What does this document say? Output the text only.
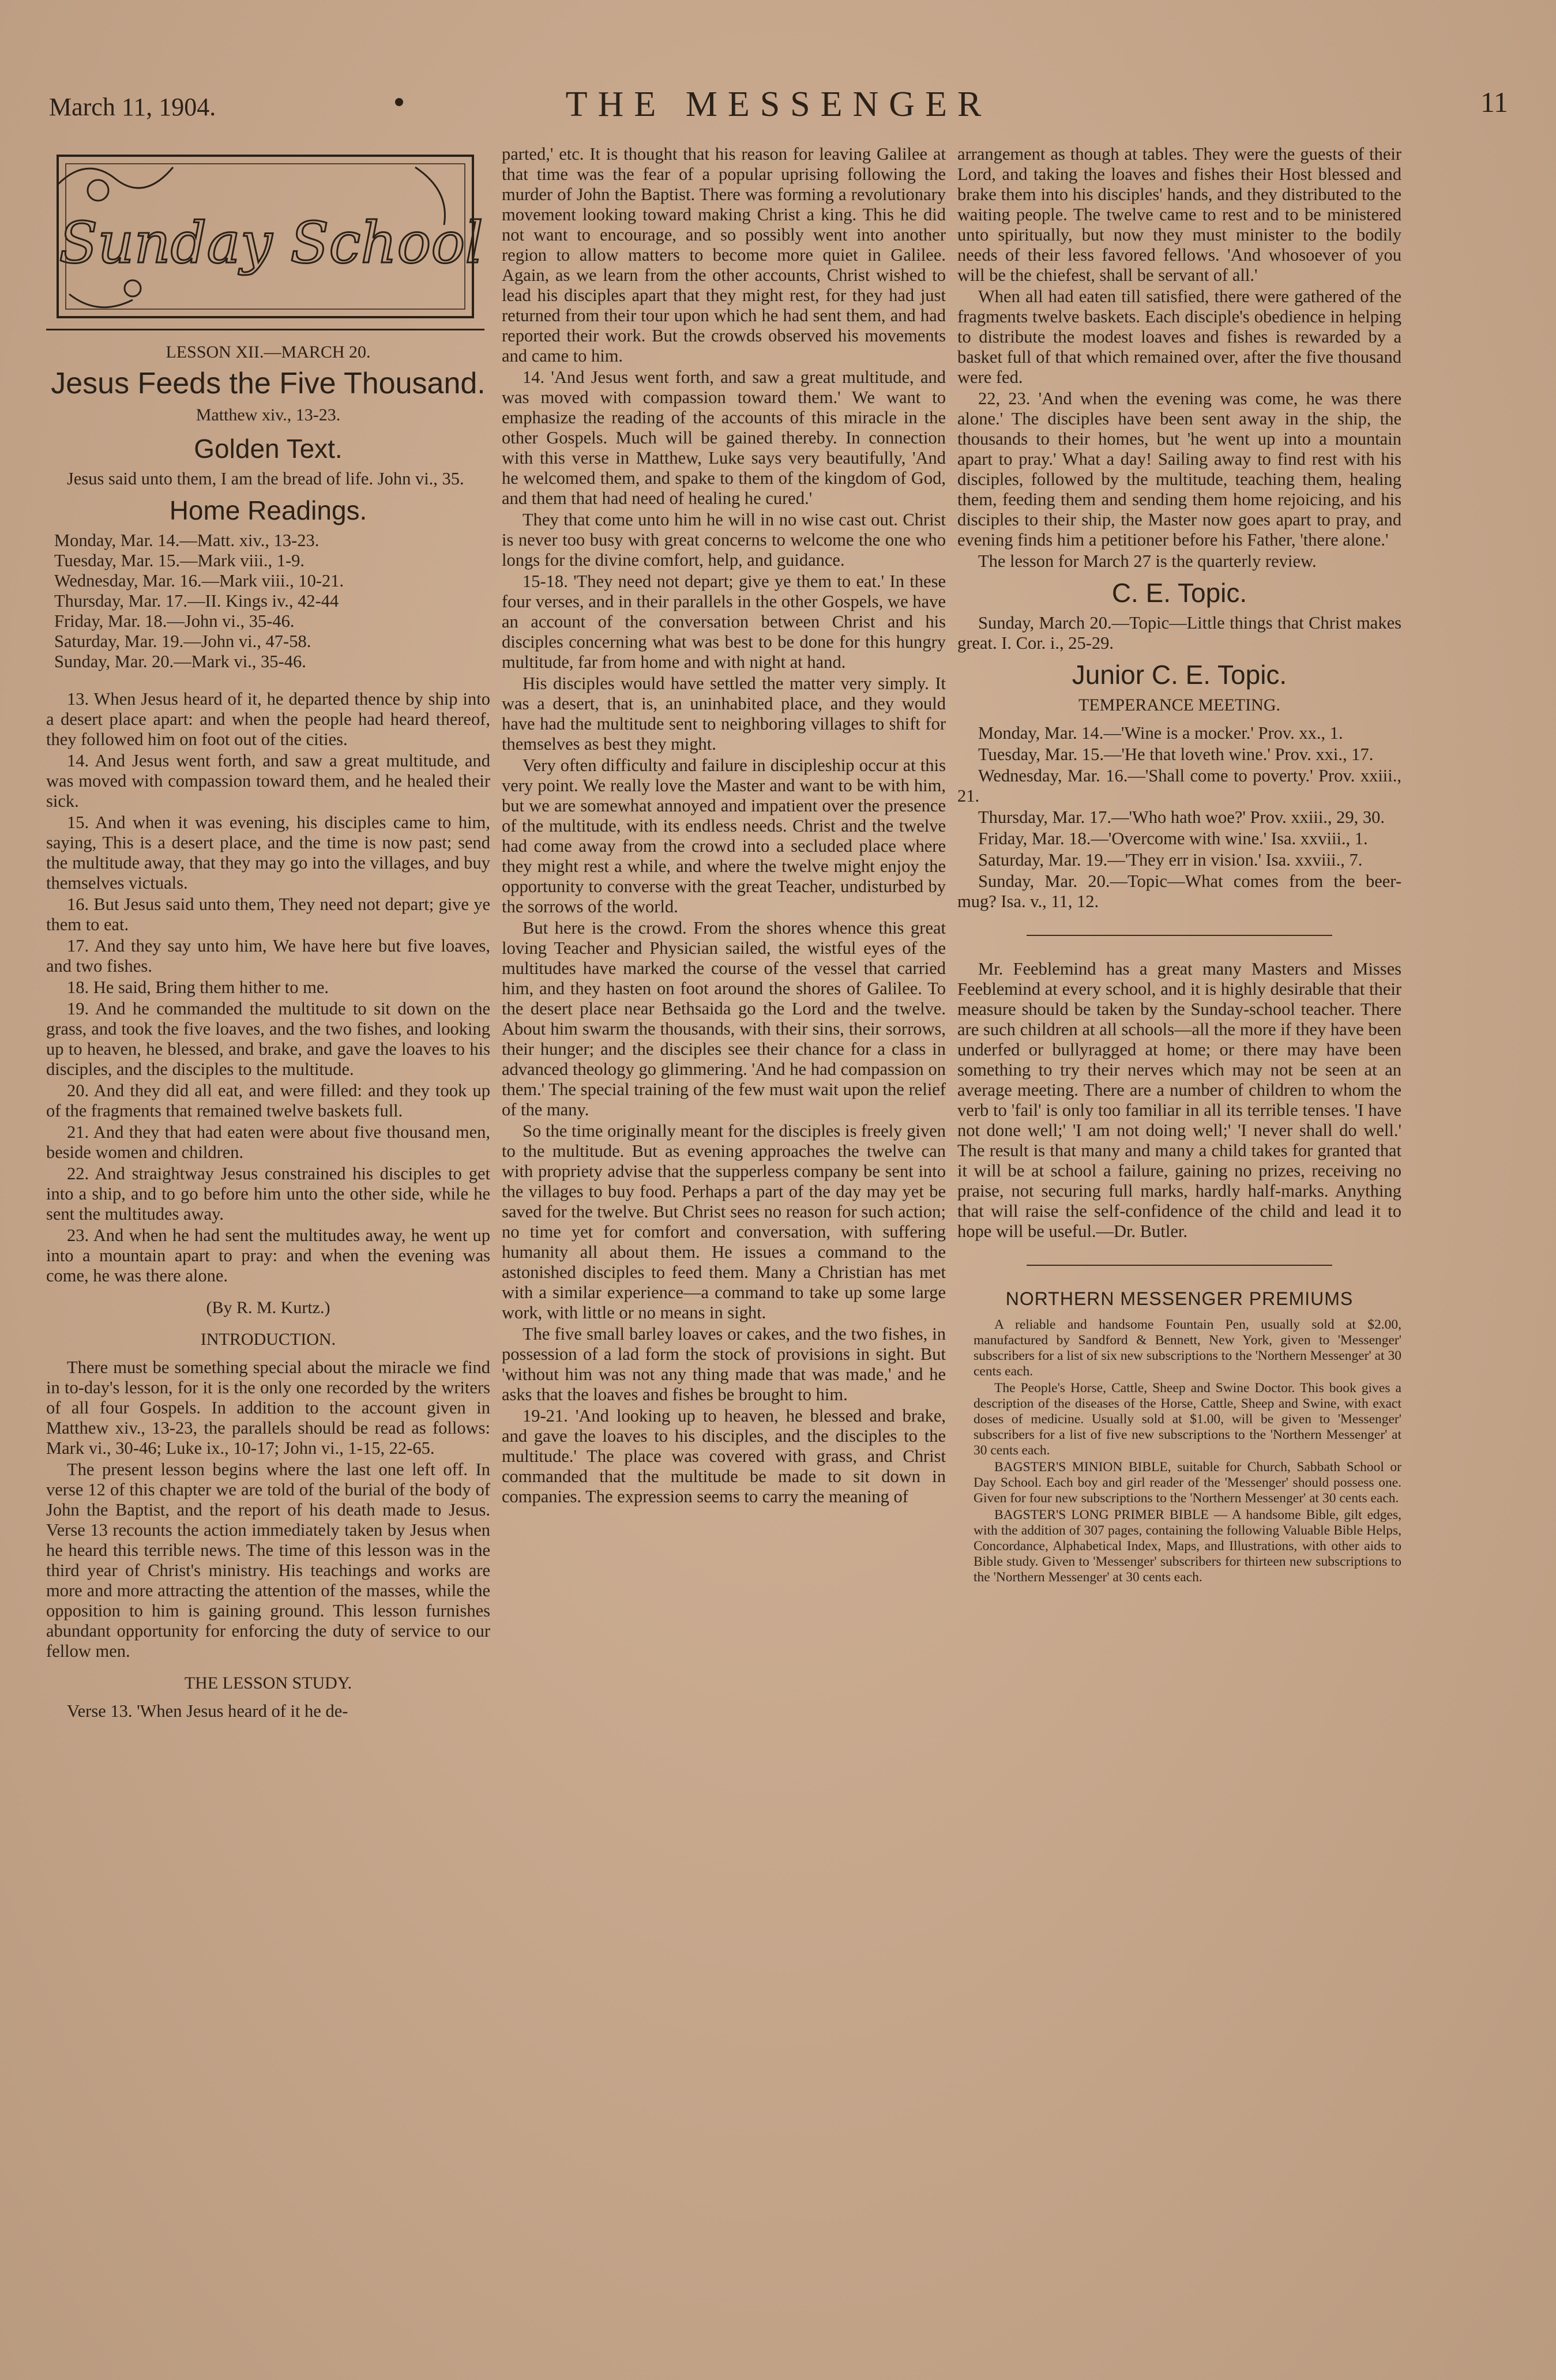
March 11, 1904.	THE MESSENGER	11
Sunday School
LESSON XII.—MARCH 20.
Jesus Feeds the Five Thousand.
Matthew xiv., 13-23.
Golden Text.

Jesus said unto them, I am the bread of life. John vi., 35.

Home Readings.
Monday, Mar. 14.—Matt. xiv., 13-23.
Tuesday, Mar. 15.—Mark viii., 1-9.
Wednesday, Mar. 16.—Mark viii., 10-21.
Thursday, Mar. 17.—II. Kings iv., 42-44
Friday, Mar. 18.—John vi., 35-46.
Saturday, Mar. 19.—John vi., 47-58.
Sunday, Mar. 20.—Mark vi., 35-46.

13. When Jesus heard of it, he departed thence by ship into a desert place apart: and when the people had heard thereof, they followed him on foot out of the cities.

14. And Jesus went forth, and saw a great multitude, and was moved with compassion toward them, and he healed their sick.

15. And when it was evening, his disciples came to him, saying, This is a desert place, and the time is now past; send the multitude away, that they may go into the villages, and buy themselves victuals.

16. But Jesus said unto them, They need not depart; give ye them to eat.

17. And they say unto him, We have here but five loaves, and two fishes.

18. He said, Bring them hither to me.

19. And he commanded the multitude to sit down on the grass, and took the five loaves, and the two fishes, and looking up to heaven, he blessed, and brake, and gave the loaves to his disciples, and the disciples to the multitude.

20. And they did all eat, and were filled: and they took up of the fragments that remained twelve baskets full.

21. And they that had eaten were about five thousand men, beside women and children.

22. And straightway Jesus constrained his disciples to get into a ship, and to go before him unto the other side, while he sent the multitudes away.

23. And when he had sent the multitudes away, he went up into a mountain apart to pray: and when the evening was come, he was there alone.

(By R. M. Kurtz.)
INTRODUCTION.

There must be something special about the miracle we find in to-day's lesson, for it is the only one recorded by the writers of all four Gospels. In addition to the account given in Matthew xiv., 13-23, the parallels should be read as follows: Mark vi., 30-46; Luke ix., 10-17; John vi., 1-15, 22-65.

The present lesson begins where the last one left off. In verse 12 of this chapter we are told of the burial of the body of John the Baptist, and the report of his death made to Jesus. Verse 13 recounts the action immediately taken by Jesus when he heard this terrible news. The time of this lesson was in the third year of Christ's ministry. His teachings and works are more and more attracting the attention of the masses, while the opposition to him is gaining ground. This lesson furnishes abundant opportunity for enforcing the duty of service to our fellow men.

THE LESSON STUDY.

Verse 13. 'When Jesus heard of it he de-

parted,' etc. It is thought that his reason for leaving Galilee at that time was the fear of a popular uprising following the murder of John the Baptist. There was forming a revolutionary movement looking toward making Christ a king. This he did not want to encourage, and so possibly went into another region to allow matters to become more quiet in Galilee. Again, as we learn from the other accounts, Christ wished to lead his disciples apart that they might rest, for they had just returned from their tour upon which he had sent them, and had reported their work. But the crowds observed his movements and came to him.

14. 'And Jesus went forth, and saw a great multitude, and was moved with compassion toward them.' We want to emphasize the reading of the accounts of this miracle in the other Gospels. Much will be gained thereby. In connection with this verse in Matthew, Luke says very beautifully, 'And he welcomed them, and spake to them of the kingdom of God, and them that had need of healing he cured.'

They that come unto him he will in no wise cast out. Christ is never too busy with great concerns to welcome the one who longs for the divine comfort, help, and guidance.

15-18. 'They need not depart; give ye them to eat.' In these four verses, and in their parallels in the other Gospels, we have an account of the conversation between Christ and his disciples concerning what was best to be done for this hungry multitude, far from home and with night at hand.

His disciples would have settled the matter very simply. It was a desert, that is, an uninhabited place, and they would have had the multitude sent to neighboring villages to shift for themselves as best they might.

Very often difficulty and failure in discipleship occur at this very point. We really love the Master and want to be with him, but we are somewhat annoyed and impatient over the presence of the multitude, with its endless needs. Christ and the twelve had come away from the crowd into a secluded place where they might rest a while, and where the twelve might enjoy the opportunity to converse with the great Teacher, undisturbed by the sorrows of the world.

But here is the crowd. From the shores whence this great loving Teacher and Physician sailed, the wistful eyes of the multitudes have marked the course of the vessel that carried him, and they hasten on foot around the shores of Galilee. To the desert place near Bethsaida go the Lord and the twelve. About him swarm the thousands, with their sins, their sorrows, their hunger; and the disciples see their chance for a class in advanced theology go glimmering. 'And he had compassion on them.' The special training of the few must wait upon the relief of the many.

So the time originally meant for the disciples is freely given to the multitude. But as evening approaches the twelve can with propriety advise that the supperless company be sent into the villages to buy food. Perhaps a part of the day may yet be saved for the twelve. But Christ sees no reason for such action; no time yet for comfort and conversation, with suffering humanity all about them. He issues a command to the astonished disciples to feed them. Many a Christian has met with a similar experience—a command to take up some large work, with little or no means in sight.

The five small barley loaves or cakes, and the two fishes, in possession of a lad form the stock of provisions in sight. But 'without him was not any thing made that was made,' and he asks that the loaves and fishes be brought to him.

19-21. 'And looking up to heaven, he blessed and brake, and gave the loaves to his disciples, and the disciples to the multitude.' The place was covered with grass, and Christ commanded that the multitude be made to sit down in companies. The expression seems to carry the meaning of

arrangement as though at tables. They were the guests of their Lord, and taking the loaves and fishes their Host blessed and brake them into his disciples' hands, and they distributed to the waiting people. The twelve came to rest and to be ministered unto spiritually, but now they must minister to the bodily needs of their less favored fellows. 'And whosoever of you will be the chiefest, shall be servant of all.'

When all had eaten till satisfied, there were gathered of the fragments twelve baskets. Each disciple's obedience in helping to distribute the modest loaves and fishes is rewarded by a basket full of that which remained over, after the five thousand were fed.

22, 23. 'And when the evening was come, he was there alone.' The disciples have been sent away in the ship, the thousands to their homes, but 'he went up into a mountain apart to pray.' What a day! Sailing away to find rest with his disciples, followed by the multitude, teaching them, healing them, feeding them and sending them home rejoicing, and his disciples to their ship, the Master now goes apart to pray, and evening finds him a petitioner before his Father, 'there alone.'

The lesson for March 27 is the quarterly review.

C. E. Topic.

Sunday, March 20.—Topic—Little things that Christ makes great. I. Cor. i., 25-29.

Junior C. E. Topic.
TEMPERANCE MEETING.

Monday, Mar. 14.—'Wine is a mocker.' Prov. xx., 1.

Tuesday, Mar. 15.—'He that loveth wine.' Prov. xxi., 17.

Wednesday, Mar. 16.—'Shall come to poverty.' Prov. xxiii., 21.

Thursday, Mar. 17.—'Who hath woe?' Prov. xxiii., 29, 30.

Friday, Mar. 18.—'Overcome with wine.' Isa. xxviii., 1.

Saturday, Mar. 19.—'They err in vision.' Isa. xxviii., 7.

Sunday, Mar. 20.—Topic—What comes from the beer-mug? Isa. v., 11, 12.

Mr. Feeblemind has a great many Masters and Misses Feeblemind at every school, and it is highly desirable that their measure should be taken by the Sunday-school teacher. There are such children at all schools—all the more if they have been underfed or bullyragged at home; or there may have been something to try their nerves which may not be seen at an average meeting. There are a number of children to whom the verb to 'fail' is only too familiar in all its terrible tenses. 'I have not done well;' 'I am not doing well;' 'I never shall do well.' The result is that many and many a child takes for granted that it will be at school a failure, gaining no prizes, receiving no praise, not securing full marks, hardly half-marks. Anything that will raise the self-confidence of the child and lead it to hope will be useful.—Dr. Butler.

NORTHERN MESSENGER PREMIUMS

A reliable and handsome Fountain Pen, usually sold at $2.00, manufactured by Sandford & Bennett, New York, given to 'Messenger' subscribers for a list of six new subscriptions to the 'Northern Messenger' at 30 cents each.

The People's Horse, Cattle, Sheep and Swine Doctor. This book gives a description of the diseases of the Horse, Cattle, Sheep and Swine, with exact doses of medicine. Usually sold at $1.00, will be given to 'Messenger' subscribers for a list of five new subscriptions to the 'Northern Messenger' at 30 cents each.

BAGSTER'S MINION BIBLE, suitable for Church, Sabbath School or Day School. Each boy and girl reader of the 'Messenger' should possess one. Given for four new subscriptions to the 'Northern Messenger' at 30 cents each.

BAGSTER'S LONG PRIMER BIBLE — A handsome Bible, gilt edges, with the addition of 307 pages, containing the following Valuable Bible Helps, Concordance, Alphabetical Index, Maps, and Illustrations, with other aids to Bible study. Given to 'Messenger' subscribers for thirteen new subscriptions to the 'Northern Messenger' at 30 cents each.
